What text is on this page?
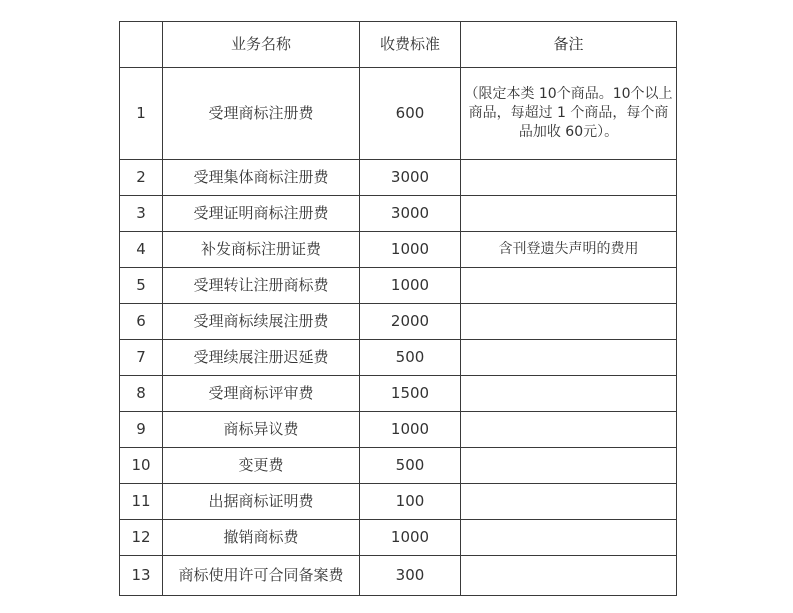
	业务名称	收费标准	备注
1	受理商标注册费	600	（限定本类 10个商品。10个以上商品，每超过 1 个商品，每个商品加收 60元）。
2	受理集体商标注册费	3000	
3	受理证明商标注册费	3000	
4	补发商标注册证费	1000	含刊登遗失声明的费用
5	受理转让注册商标费	1000	
6	受理商标续展注册费	2000	
7	受理续展注册迟延费	500	
8	受理商标评审费	1500	
9	商标异议费	1000	
10	变更费	500	
11	出据商标证明费	100	
12	撤销商标费	1000	
13	商标使用许可合同备案费	300	
